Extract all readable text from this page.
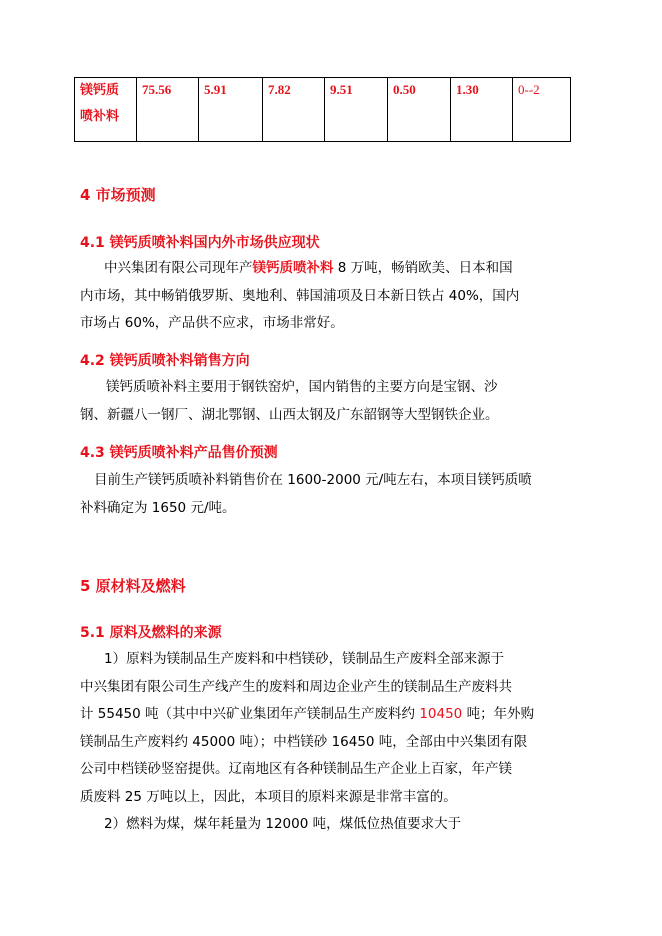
镁钙质
喷补料	75.56	5.91	7.82	9.51	0.50	1.30	0--2
4 市场预测
4.1 镁钙质喷补料国内外市场供应现状
中兴集团有限公司现年产镁钙质喷补料 8 万吨，畅销欧美、日本和国
内市场，其中畅销俄罗斯、奥地利、韩国浦项及日本新日铁占 40%，国内
市场占 60%，产品供不应求，市场非常好。
4.2 镁钙质喷补料销售方向
镁钙质喷补料主要用于钢铁窑炉，国内销售的主要方向是宝钢、沙
钢、新疆八一钢厂、湖北鄂钢、山西太钢及广东韶钢等大型钢铁企业。
4.3 镁钙质喷补料产品售价预测
目前生产镁钙质喷补料销售价在 1600-2000 元/吨左右，本项目镁钙质喷
补料确定为 1650 元/吨。
5 原材料及燃料
5.1 原料及燃料的来源
1）原料为镁制品生产废料和中档镁砂，镁制品生产废料全部来源于
中兴集团有限公司生产线产生的废料和周边企业产生的镁制品生产废料共
计 55450 吨（其中中兴矿业集团年产镁制品生产废料约 10450 吨；年外购
镁制品生产废料约 45000 吨）；中档镁砂 16450 吨，全部由中兴集团有限
公司中档镁砂竖窑提供。辽南地区有各种镁制品生产企业上百家，年产镁
质废料 25 万吨以上，因此，本项目的原料来源是非常丰富的。
2）燃料为煤，煤年耗量为 12000 吨，煤低位热值要求大于
